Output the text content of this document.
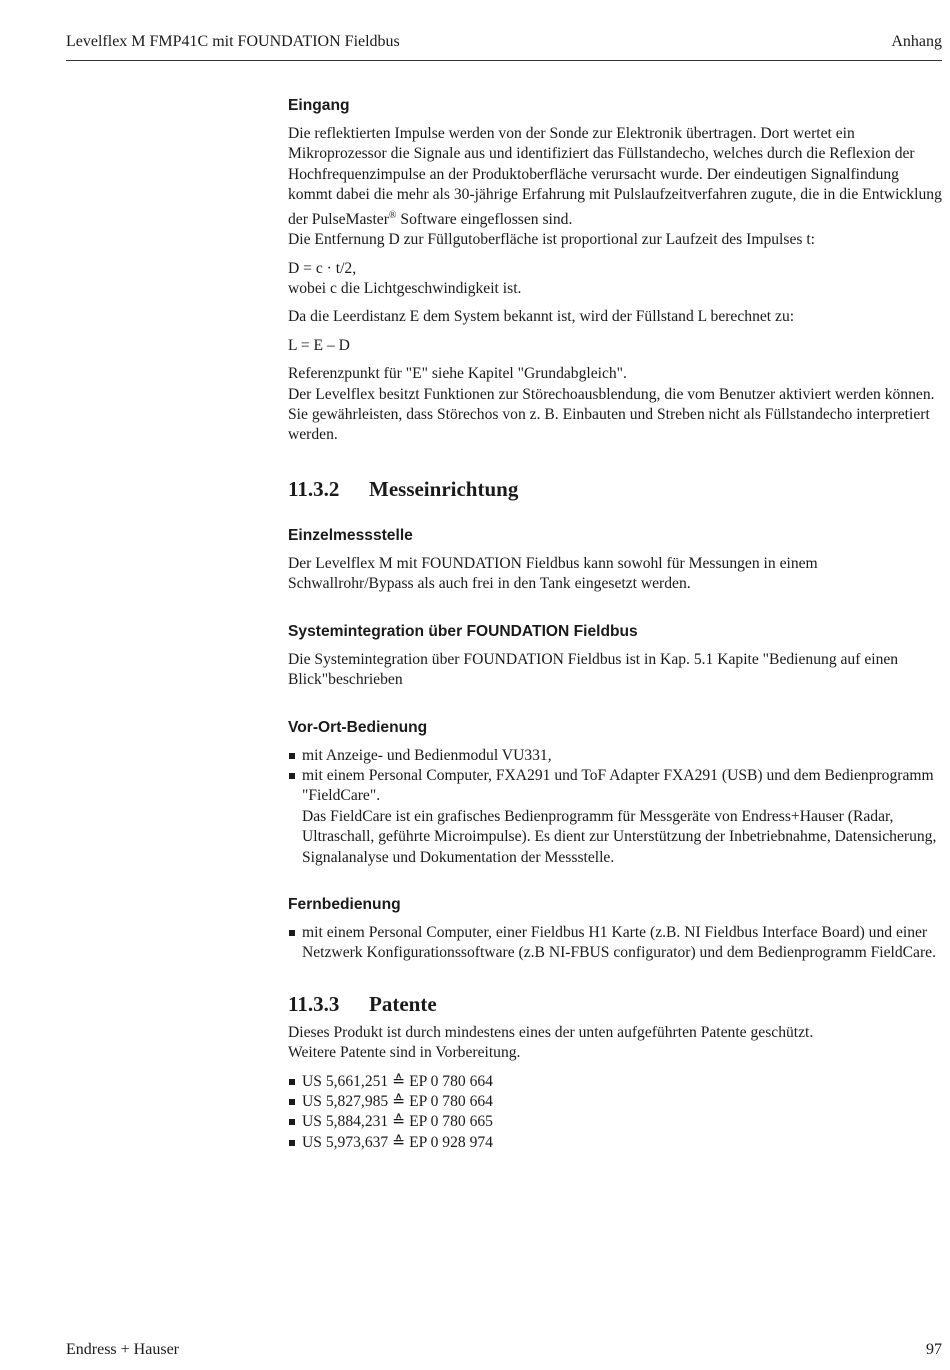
Levelflex M FMP41C mit FOUNDATION Fieldbus	Anhang
Eingang

Die reflektierten Impulse werden von der Sonde zur Elektronik übertragen. Dort wertet ein Mikroprozessor die Signale aus und identifiziert das Füllstandecho, welches durch die Reflexion der Hochfrequenzimpulse an der Produktoberfläche verursacht wurde. Der eindeutigen Signalfindung kommt dabei die mehr als 30-jährige Erfahrung mit Pulslaufzeitverfahren zugute, die in die Entwicklung der PulseMaster® Software eingeflossen sind.

Die Entfernung D zur Füllgutoberfläche ist proportional zur Laufzeit des Impulses t:

D = c · t/2,

wobei c die Lichtgeschwindigkeit ist.

Da die Leerdistanz E dem System bekannt ist, wird der Füllstand L berechnet zu:

L = E – D

Referenzpunkt für "E" siehe Kapitel "Grundabgleich".

Der Levelflex besitzt Funktionen zur Störechoausblendung, die vom Benutzer aktiviert werden können. Sie gewährleisten, dass Störechos von z. B. Einbauten und Streben nicht als Füllstandecho interpretiert werden.

11.3.2 Messeinrichtung
Einzelmessstelle

Der Levelflex M mit FOUNDATION Fieldbus kann sowohl für Messungen in einem Schwallrohr/Bypass als auch frei in den Tank eingesetzt werden.

Systemintegration über FOUNDATION Fieldbus

Die Systemintegration über FOUNDATION Fieldbus ist in Kap. 5.1 Kapite "Bedienung auf einen Blick"beschrieben

Vor-Ort-Bedienung
mit Anzeige- und Bedienmodul VU331,
mit einem Personal Computer, FXA291 und ToF Adapter FXA291 (USB) und dem Bedienprogramm "FieldCare".
Das FieldCare ist ein grafisches Bedienprogramm für Messgeräte von Endress+Hauser (Radar, Ultraschall, geführte Microimpulse). Es dient zur Unterstützung der Inbetriebnahme, Datensicherung, Signalanalyse und Dokumentation der Messstelle.
Fernbedienung
mit einem Personal Computer, einer Fieldbus H1 Karte (z.B. NI Fieldbus Interface Board) und einer Netzwerk Konfigurationssoftware (z.B NI-FBUS configurator) und dem Bedienprogramm FieldCare.
11.3.3 Patente

Dieses Produkt ist durch mindestens eines der unten aufgeführten Patente geschützt.

Weitere Patente sind in Vorbereitung.

US 5,661,251 ≙ EP 0 780 664
US 5,827,985 ≙ EP 0 780 664
US 5,884,231 ≙ EP 0 780 665
US 5,973,637 ≙ EP 0 928 974
Endress + Hauser	97
